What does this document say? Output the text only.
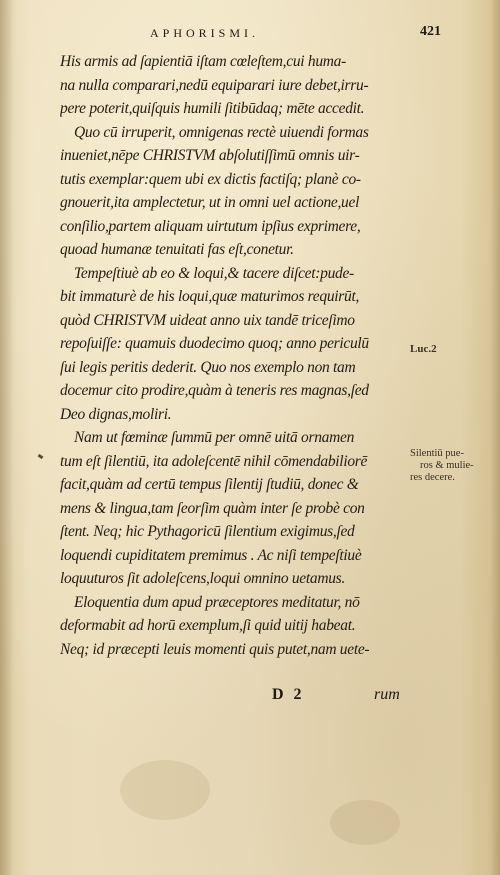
APHORISMI.	421
His armis ad ſapientiā iſtam cœleſtem,cui huma-
na nulla comparari,nedū equiparari iure debet,irru-
pere poterit,quiſquis humili ſitibūdaq; mēte accedit.
Quo cū irruperit, omnigenas rectè uiuendi formas
inueniet,nēpe CHRISTVM abſolutiſſimū omnis uir-
tutis exemplar:quem ubi ex dictis factiſq; planè co-
gnouerit,ita amplectetur, ut in omni uel actione,uel
conſilio,partem aliquam uirtutum ipſius exprimere,
quoad humanæ tenuitati fas eſt,conetur.
Tempeſtiuè ab eo & loqui,& tacere diſcet:pude-
bit immaturè de his loqui,quæ maturimos requirūt,
quòd CHRISTVM uideat anno uix tandē triceſimo
repoſuiſſe: quamuis duodecimo quoq; anno periculū
ſui legis peritis dederit. Quo nos exemplo non tam
docemur cito prodire,quàm à teneris res magnas,ſed
Deo dignas,moliri.
Nam ut fœminæ ſummū per omnē uitā ornamen
tum eſt ſilentiū, ita adoleſcentē nihil cōmendabiliorē
facit,quàm ad certū tempus ſilentij ſtudiū, donec &
mens & lingua,tam ſeorſim quàm inter ſe probè con
ſtent. Neq; hic Pythagoricū ſilentium exigimus,ſed
loquendi cupiditatem premimus . Ac niſi tempeſtiuè
loquuturos ſit adoleſcens,loqui omnino uetamus.
Eloquentia dum apud præceptores meditatur, nō
deformabit ad horū exemplum,ſi quid uitij habeat.
Neq; id præcepti leuis momenti quis putet,nam uete-
Luc.2
Silentiū pue-
ros & mulie-
res decere.
D 2	rum
